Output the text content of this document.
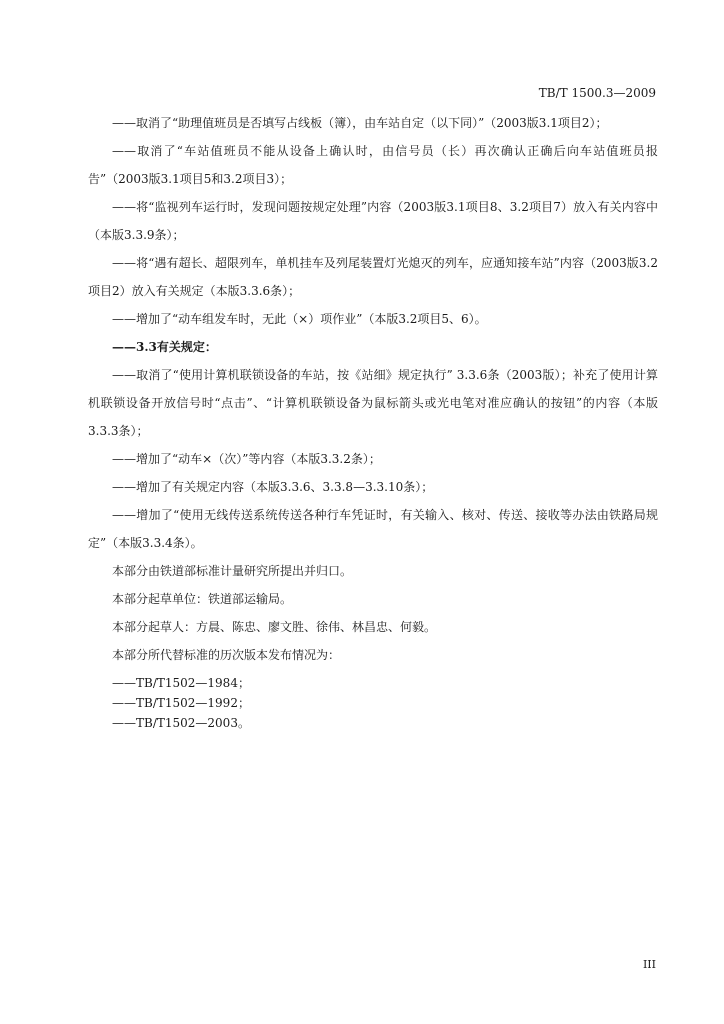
TB/T 1500.3—2009

——取消了“助理值班员是否填写占线板（簿），由车站自定（以下同）”（2003版3.1项目2）；

——取消了“车站值班员不能从设备上确认时，由信号员（长）再次确认正确后向车站值班员报告”（2003版3.1项目5和3.2项目3）；

——将“监视列车运行时，发现问题按规定处理”内容（2003版3.1项目8、3.2项目7）放入有关内容中（本版3.3.9条）；

——将“遇有超长、超限列车，单机挂车及列尾装置灯光熄灭的列车，应通知接车站”内容（2003版3.2项目2）放入有关规定（本版3.3.6条）；

——增加了“动车组发车时，无此（×）项作业”（本版3.2项目5、6）。

——3.3有关规定：

——取消了“使用计算机联锁设备的车站，按《站细》规定执行” 3.3.6条（2003版）；补充了使用计算机联锁设备开放信号时“点击”、“计算机联锁设备为鼠标箭头或光电笔对准应确认的按钮”的内容（本版3.3.3条）；

——增加了“动车×（次）”等内容（本版3.3.2条）；

——增加了有关规定内容（本版3.3.6、3.3.8—3.3.10条）；

——增加了“使用无线传送系统传送各种行车凭证时，有关输入、核对、传送、接收等办法由铁路局规定”（本版3.3.4条）。

本部分由铁道部标准计量研究所提出并归口。

本部分起草单位：铁道部运输局。

本部分起草人：方晨、陈忠、廖文胜、徐伟、林昌忠、何毅。

本部分所代替标准的历次版本发布情况为：

——TB/T1502—1984；

——TB/T1502—1992；

——TB/T1502—2003。

III
